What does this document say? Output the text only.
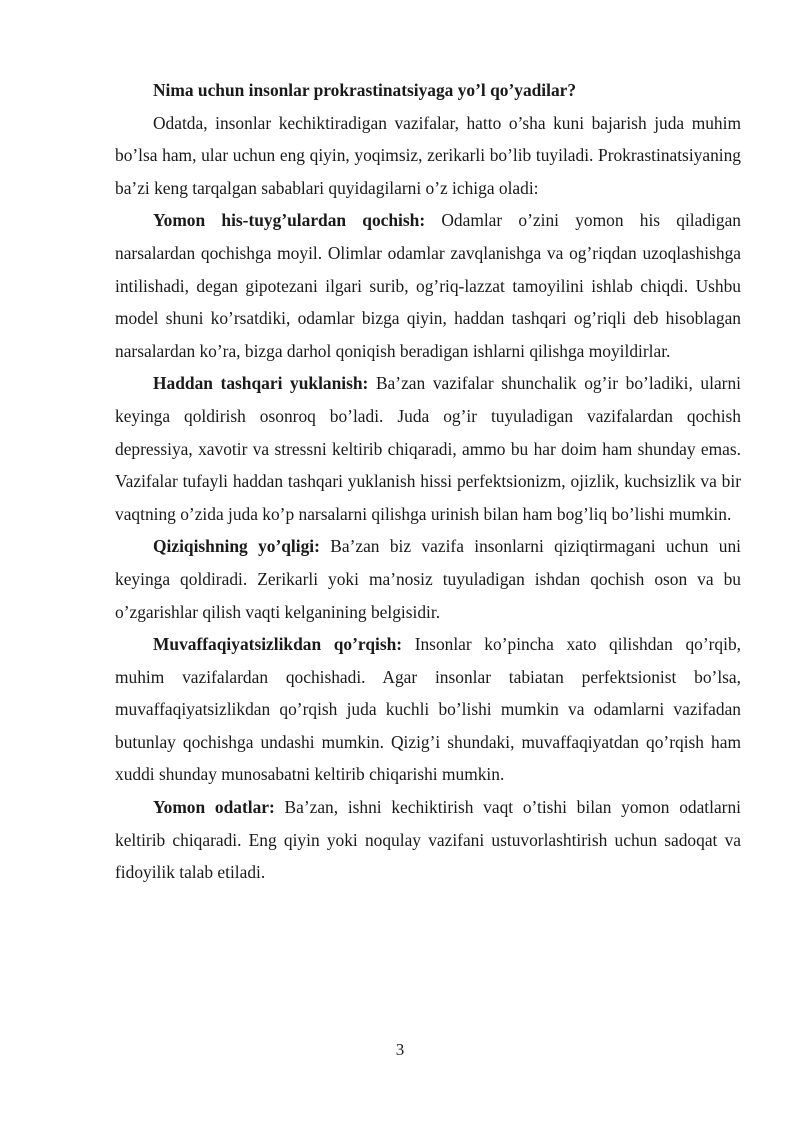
Nima uchun insonlar prokrastinatsiyaga yo’l qo’yadilar?

Odatda, insonlar kechiktiradigan vazifalar, hatto o’sha kuni bajarish juda muhim bo’lsa ham, ular uchun eng qiyin, yoqimsiz, zerikarli bo’lib tuyiladi. Prokrastinatsiyaning ba’zi keng tarqalgan sabablari quyidagilarni o’z ichiga oladi:

Yomon his-tuyg’ulardan qochish: Odamlar o’zini yomon his qiladigan narsalardan qochishga moyil. Olimlar odamlar zavqlanishga va og’riqdan uzoqlashishga intilishadi, degan gipotezani ilgari surib, og’riq-lazzat tamoyilini ishlab chiqdi. Ushbu model shuni ko’rsatdiki, odamlar bizga qiyin, haddan tashqari og’riqli deb hisoblagan narsalardan ko’ra, bizga darhol qoniqish beradigan ishlarni qilishga moyildirlar.

Haddan tashqari yuklanish: Ba’zan vazifalar shunchalik og’ir bo’ladiki, ularni keyinga qoldirish osonroq bo’ladi. Juda og’ir tuyuladigan vazifalardan qochish depressiya, xavotir va stressni keltirib chiqaradi, ammo bu har doim ham shunday emas. Vazifalar tufayli haddan tashqari yuklanish hissi perfektsionizm, ojizlik, kuchsizlik va bir vaqtning o’zida juda ko’p narsalarni qilishga urinish bilan ham bog’liq bo’lishi mumkin.

Qiziqishning yo’qligi: Ba’zan biz vazifa insonlarni qiziqtirmagani uchun uni keyinga qoldiradi. Zerikarli yoki ma’nosiz tuyuladigan ishdan qochish oson va bu o’zgarishlar qilish vaqti kelganining belgisidir.

Muvaffaqiyatsizlikdan qo’rqish: Insonlar ko’pincha xato qilishdan qo’rqib, muhim vazifalardan qochishadi. Agar insonlar tabiatan perfektsionist bo’lsa, muvaffaqiyatsizlikdan qo’rqish juda kuchli bo’lishi mumkin va odamlarni vazifadan butunlay qochishga undashi mumkin. Qizig’i shundaki, muvaffaqiyatdan qo’rqish ham xuddi shunday munosabatni keltirib chiqarishi mumkin.

Yomon odatlar: Ba’zan, ishni kechiktirish vaqt o’tishi bilan yomon odatlarni keltirib chiqaradi. Eng qiyin yoki noqulay vazifani ustuvorlashtirish uchun sadoqat va fidoyilik talab etiladi.

3
